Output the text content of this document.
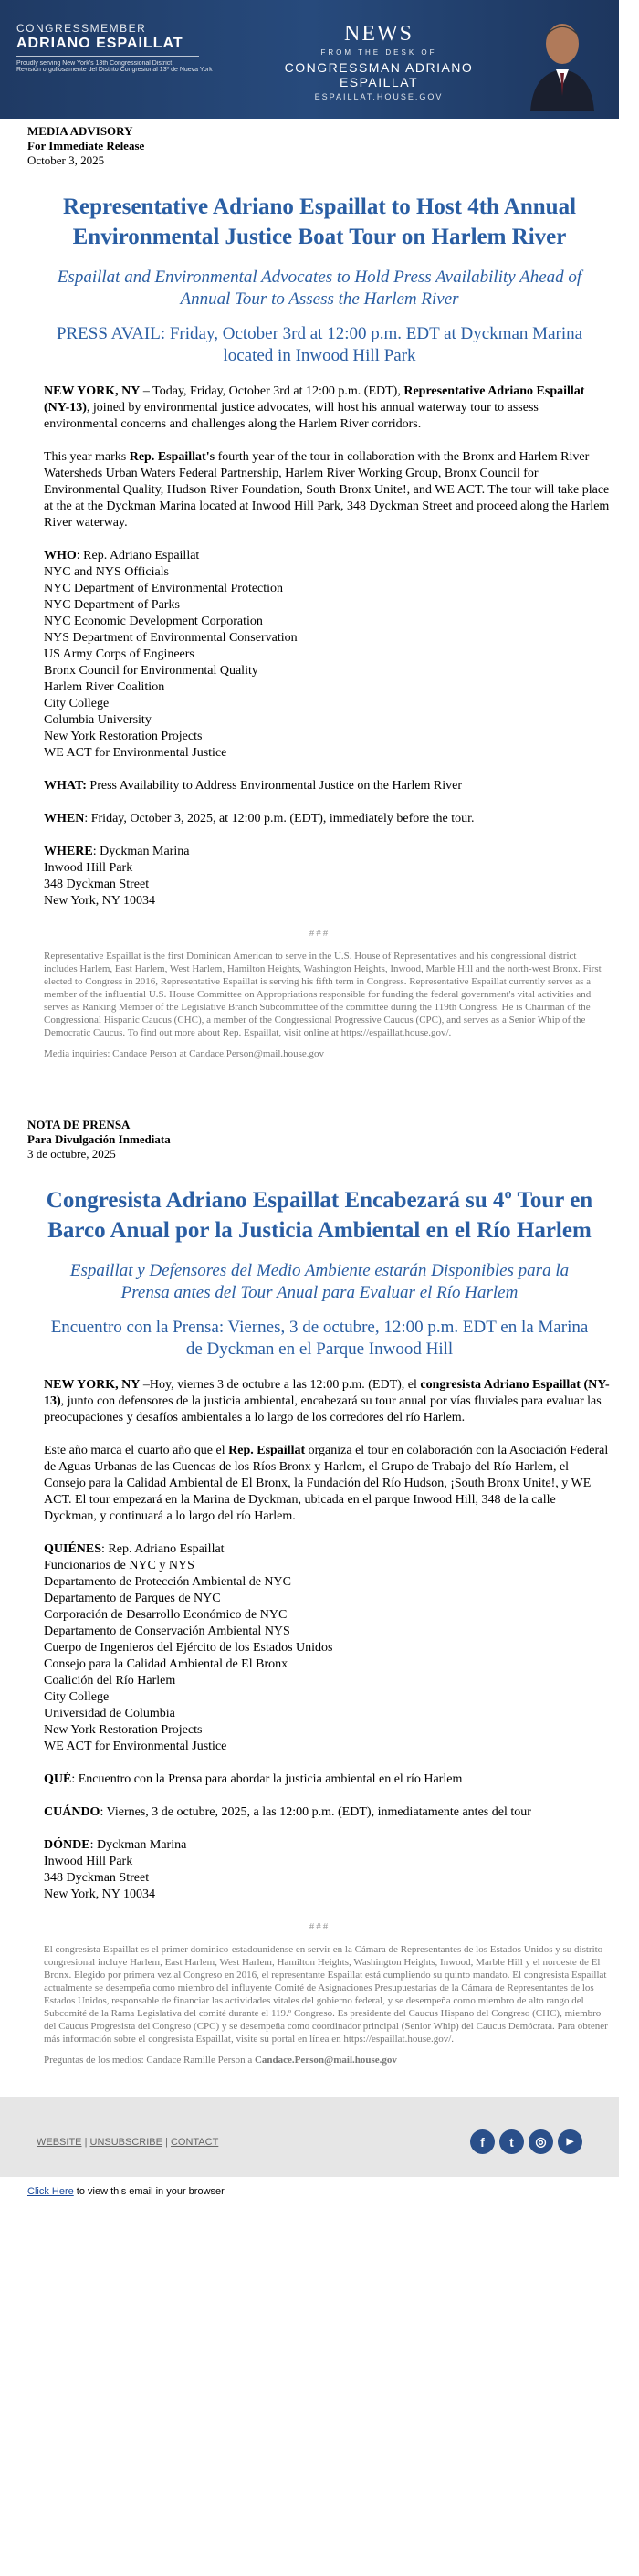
CONGRESSMEMBER
ADRIANO ESPAILLAT
Proudly serving New York's 13th Congressional District
Revisión orgullosamente del Distrito Congresional 13º de Nueva York
NEWS
FROM THE DESK OF
CONGRESSMAN ADRIANO ESPAILLAT
ESPAILLAT.HOUSE.GOV
MEDIA ADVISORY
For Immediate Release
October 3, 2025
Representative Adriano Espaillat to Host 4th Annual Environmental Justice Boat Tour on Harlem River
Espaillat and Environmental Advocates to Hold Press Availability Ahead of Annual Tour to Assess the Harlem River
PRESS AVAIL: Friday, October 3rd at 12:00 p.m. EDT at Dyckman Marina located in Inwood Hill Park

NEW YORK, NY – Today, Friday, October 3rd at 12:00 p.m. (EDT), Representative Adriano Espaillat (NY-13), joined by environmental justice advocates, will host his annual waterway tour to assess environmental concerns and challenges along the Harlem River corridors.

This year marks Rep. Espaillat's fourth year of the tour in collaboration with the Bronx and Harlem River Watersheds Urban Waters Federal Partnership, Harlem River Working Group, Bronx Council for Environmental Quality, Hudson River Foundation, South Bronx Unite!, and WE ACT. The tour will take place at the at the Dyckman Marina located at Inwood Hill Park, 348 Dyckman Street and proceed along the Harlem River waterway.

WHO: Rep. Adriano Espaillat
NYC and NYS Officials
NYC Department of Environmental Protection
NYC Department of Parks
NYC Economic Development Corporation
NYS Department of Environmental Conservation
US Army Corps of Engineers
Bronx Council for Environmental Quality
Harlem River Coalition
City College
Columbia University
New York Restoration Projects
WE ACT for Environmental Justice

WHAT: Press Availability to Address Environmental Justice on the Harlem River

WHEN: Friday, October 3, 2025, at 12:00 p.m. (EDT), immediately before the tour.

WHERE: Dyckman Marina
Inwood Hill Park
348 Dyckman Street
New York, NY 10034

###

Representative Espaillat is the first Dominican American to serve in the U.S. House of Representatives and his congressional district includes Harlem, East Harlem, West Harlem, Hamilton Heights, Washington Heights, Inwood, Marble Hill and the north-west Bronx. First elected to Congress in 2016, Representative Espaillat is serving his fifth term in Congress. Representative Espaillat currently serves as a member of the influential U.S. House Committee on Appropriations responsible for funding the federal government's vital activities and serves as Ranking Member of the Legislative Branch Subcommittee of the committee during the 119th Congress. He is Chairman of the Congressional Hispanic Caucus (CHC), a member of the Congressional Progressive Caucus (CPC), and serves as a Senior Whip of the Democratic Caucus. To find out more about Rep. Espaillat, visit online at https://espaillat.house.gov/.

Media inquiries: Candace Person at Candace.Person@mail.house.gov

NOTA DE PRENSA
Para Divulgación Inmediata
3 de octubre, 2025
Congresista Adriano Espaillat Encabezará su 4º Tour en Barco Anual por la Justicia Ambiental en el Río Harlem
Espaillat y Defensores del Medio Ambiente estarán Disponibles para la Prensa antes del Tour Anual para Evaluar el Río Harlem
Encuentro con la Prensa: Viernes, 3 de octubre, 12:00 p.m. EDT en la Marina de Dyckman en el Parque Inwood Hill

NEW YORK, NY –Hoy, viernes 3 de octubre a las 12:00 p.m. (EDT), el congresista Adriano Espaillat (NY-13), junto con defensores de la justicia ambiental, encabezará su tour anual por vías fluviales para evaluar las preocupaciones y desafíos ambientales a lo largo de los corredores del río Harlem.

Este año marca el cuarto año que el Rep. Espaillat organiza el tour en colaboración con la Asociación Federal de Aguas Urbanas de las Cuencas de los Ríos Bronx y Harlem, el Grupo de Trabajo del Río Harlem, el Consejo para la Calidad Ambiental de El Bronx, la Fundación del Río Hudson, ¡South Bronx Unite!, y WE ACT. El tour empezará en la Marina de Dyckman, ubicada en el parque Inwood Hill, 348 de la calle Dyckman, y continuará a lo largo del río Harlem.

QUIÉNES: Rep. Adriano Espaillat
Funcionarios de NYC y NYS
Departamento de Protección Ambiental de NYC
Departamento de Parques de NYC
Corporación de Desarrollo Económico de NYC
Departamento de Conservación Ambiental NYS
Cuerpo de Ingenieros del Ejército de los Estados Unidos
Consejo para la Calidad Ambiental de El Bronx
Coalición del Río Harlem
City College
Universidad de Columbia
New York Restoration Projects
WE ACT for Environmental Justice

QUÉ: Encuentro con la Prensa para abordar la justicia ambiental en el río Harlem

CUÁNDO: Viernes, 3 de octubre, 2025, a las 12:00 p.m. (EDT), inmediatamente antes del tour

DÓNDE: Dyckman Marina
Inwood Hill Park
348 Dyckman Street
New York, NY 10034

###

El congresista Espaillat es el primer dominico-estadounidense en servir en la Cámara de Representantes de los Estados Unidos y su distrito congresional incluye Harlem, East Harlem, West Harlem, Hamilton Heights, Washington Heights, Inwood, Marble Hill y el noroeste de El Bronx. Elegido por primera vez al Congreso en 2016, el representante Espaillat está cumpliendo su quinto mandato. El congresista Espaillat actualmente se desempeña como miembro del influyente Comité de Asignaciones Presupuestarias de la Cámara de Representantes de los Estados Unidos, responsable de financiar las actividades vitales del gobierno federal, y se desempeña como miembro de alto rango del Subcomité de la Rama Legislativa del comité durante el 119.º Congreso. Es presidente del Caucus Hispano del Congreso (CHC), miembro del Caucus Progresista del Congreso (CPC) y se desempeña como coordinador principal (Senior Whip) del Caucus Demócrata. Para obtener más información sobre el congresista Espaillat, visite su portal en línea en https://espaillat.house.gov/.

Preguntas de los medios: Candace Ramille Person a Candace.Person@mail.house.gov

WEBSITE | UNSUBSCRIBE | CONTACT	f	t	◎	▶
Click Here to view this email in your browser
